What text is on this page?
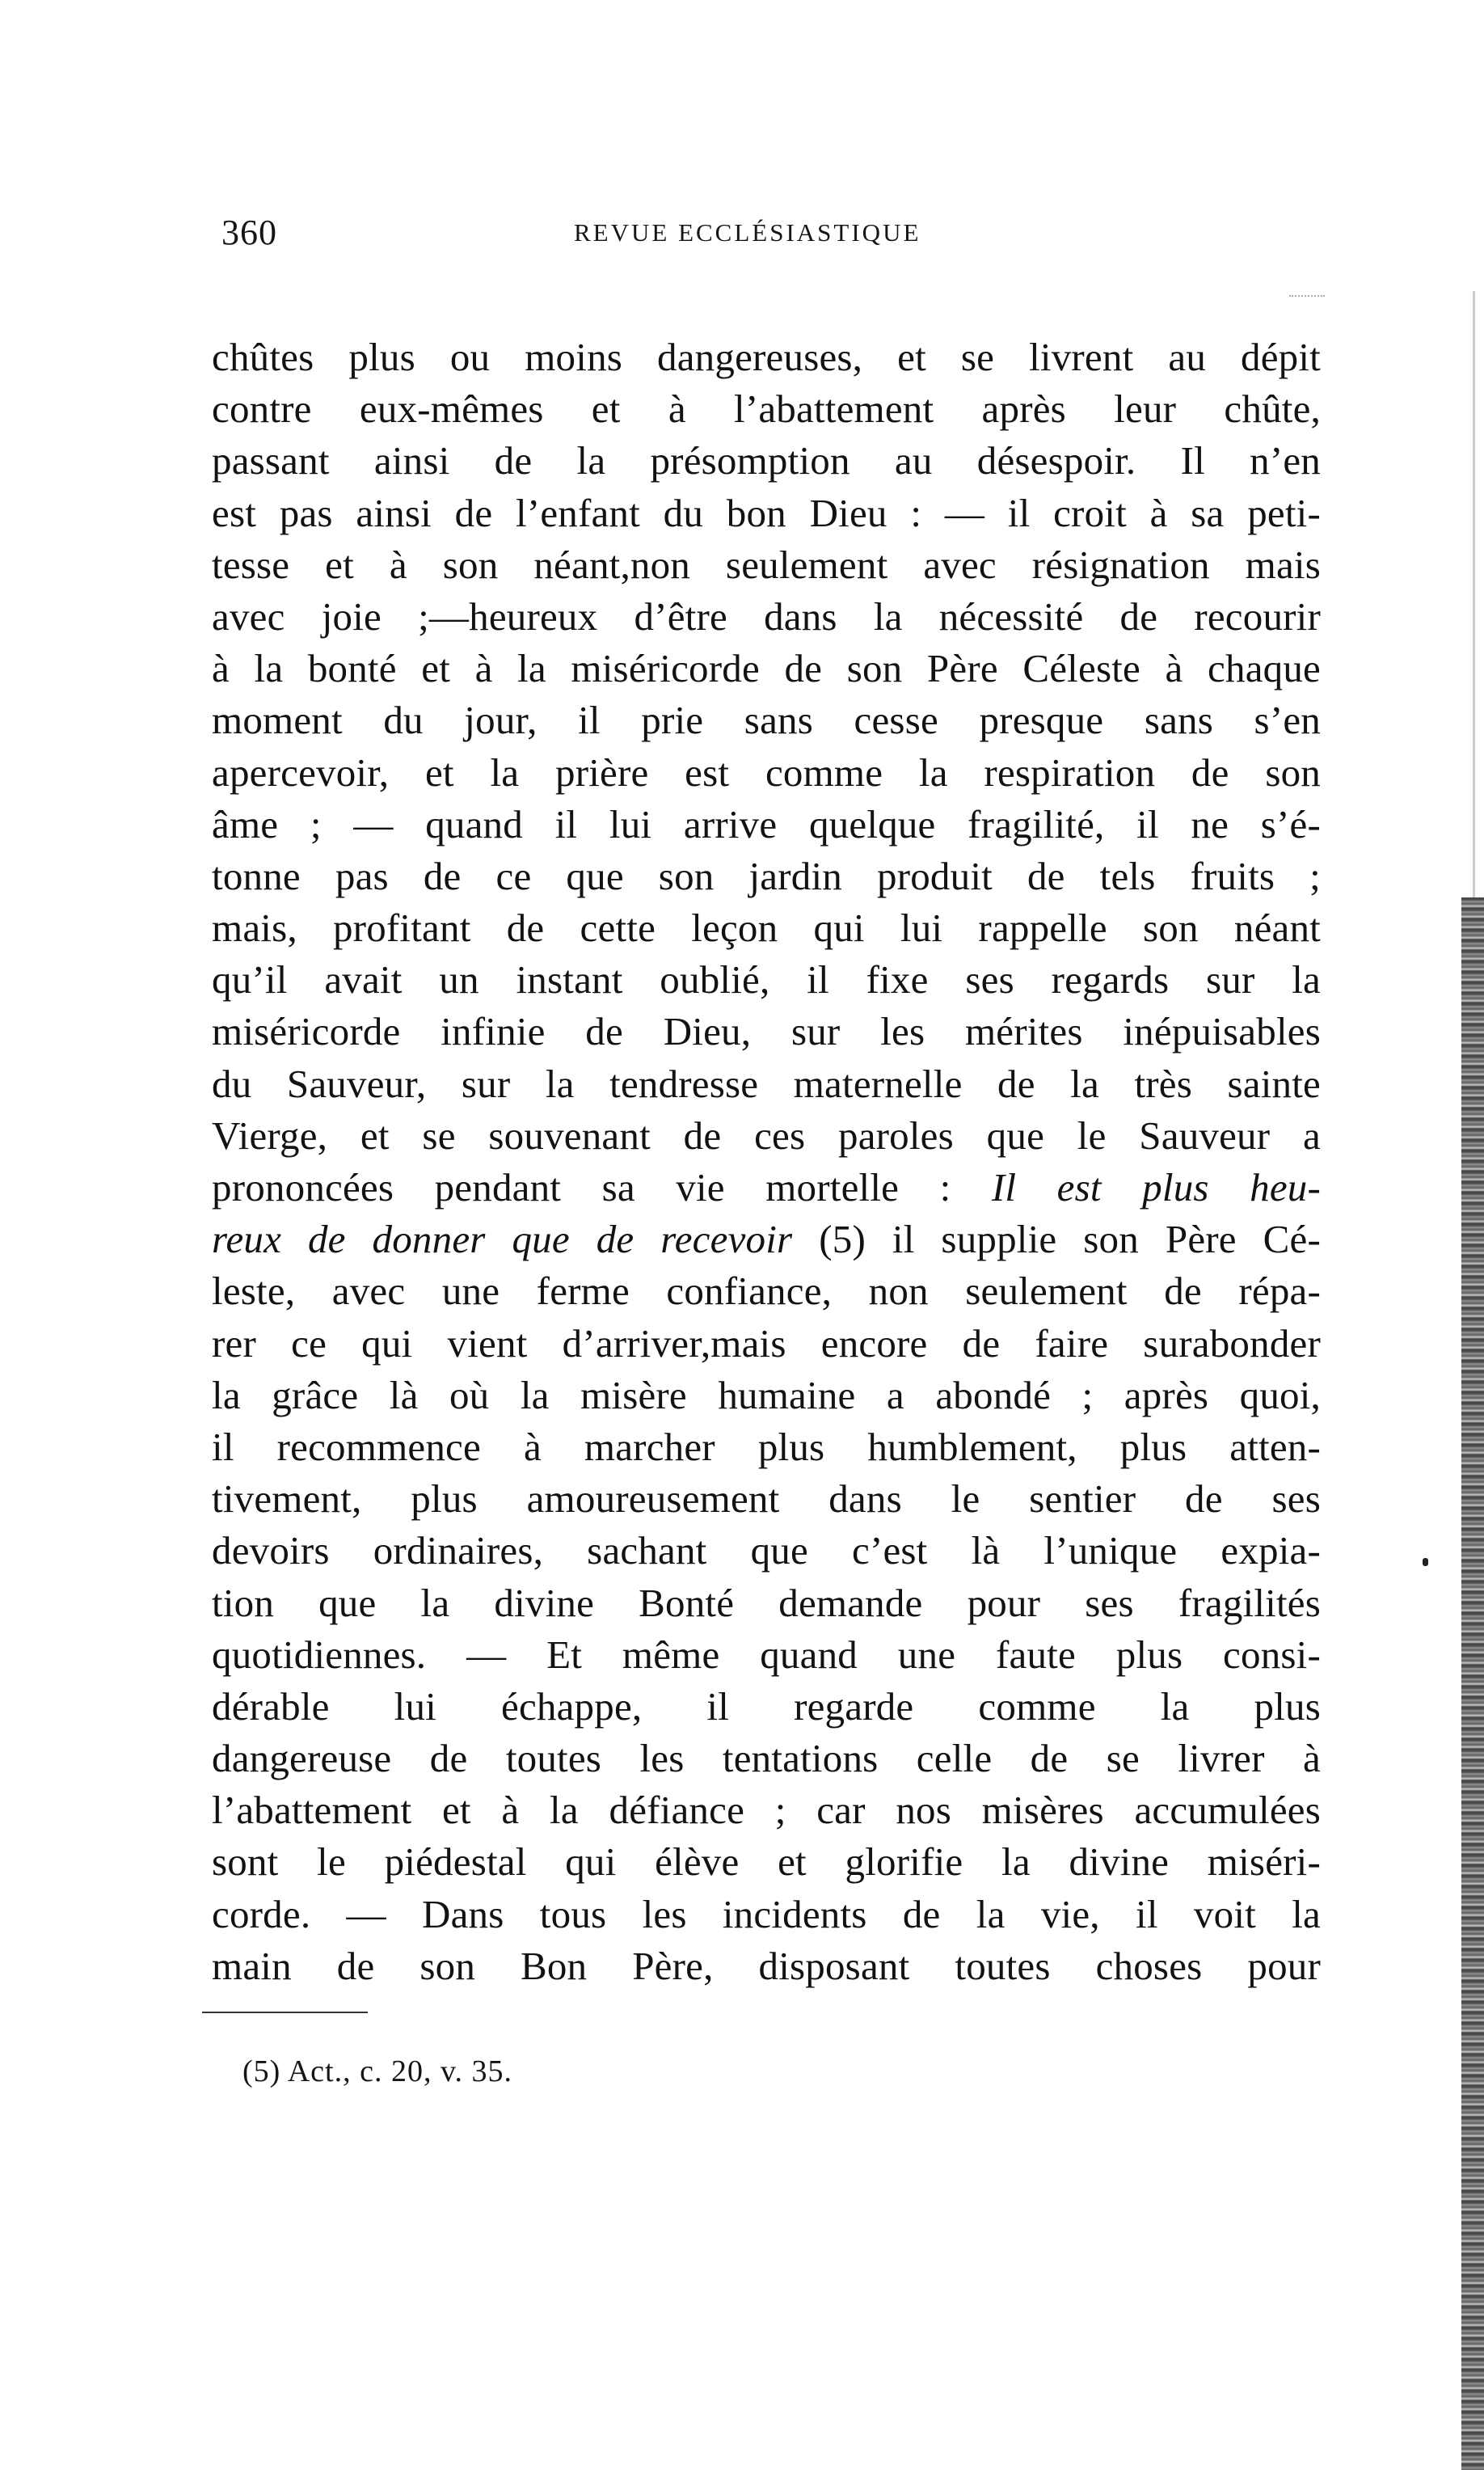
360	REVUE ECCLÉSIASTIQUE
chûtes plus ou moins dangereuses, et se livrent au dépit
contre eux-mêmes et à l’abattement après leur chûte,
passant ainsi de la présomption au désespoir. Il n’en
est pas ainsi de l’enfant du bon Dieu : — il croit à sa peti-
tesse et à son néant,non seulement avec résignation mais
avec joie ;—heureux d’être dans la nécessité de recourir
à la bonté et à la miséricorde de son Père Céleste à chaque
moment du jour, il prie sans cesse presque sans s’en
apercevoir, et la prière est comme la respiration de son
âme ; — quand il lui arrive quelque fragilité, il ne s’é-
tonne pas de ce que son jardin produit de tels fruits ;
mais, profitant de cette leçon qui lui rappelle son néant
qu’il avait un instant oublié, il fixe ses regards sur la
miséricorde infinie de Dieu, sur les mérites inépuisables
du Sauveur, sur la tendresse maternelle de la très sainte
Vierge, et se souvenant de ces paroles que le Sauveur a
prononcées pendant sa vie mortelle : Il est plus heu-
reux de donner que de recevoir (5) il supplie son Père Cé-
leste, avec une ferme confiance, non seulement de répa-
rer ce qui vient d’arriver,mais encore de faire surabonder
la grâce là où la misère humaine a abondé ; après quoi,
il recommence à marcher plus humblement, plus atten-
tivement, plus amoureusement dans le sentier de ses
devoirs ordinaires, sachant que c’est là l’unique expia-
tion que la divine Bonté demande pour ses fragilités
quotidiennes. — Et même quand une faute plus consi-
dérable lui échappe, il regarde comme la plus
dangereuse de toutes les tentations celle de se livrer à
l’abattement et à la défiance ; car nos misères accumulées
sont le piédestal qui élève et glorifie la divine miséri-
corde. — Dans tous les incidents de la vie, il voit la
main de son Bon Père, disposant toutes choses pour
(5) Act., c. 20, v. 35.
